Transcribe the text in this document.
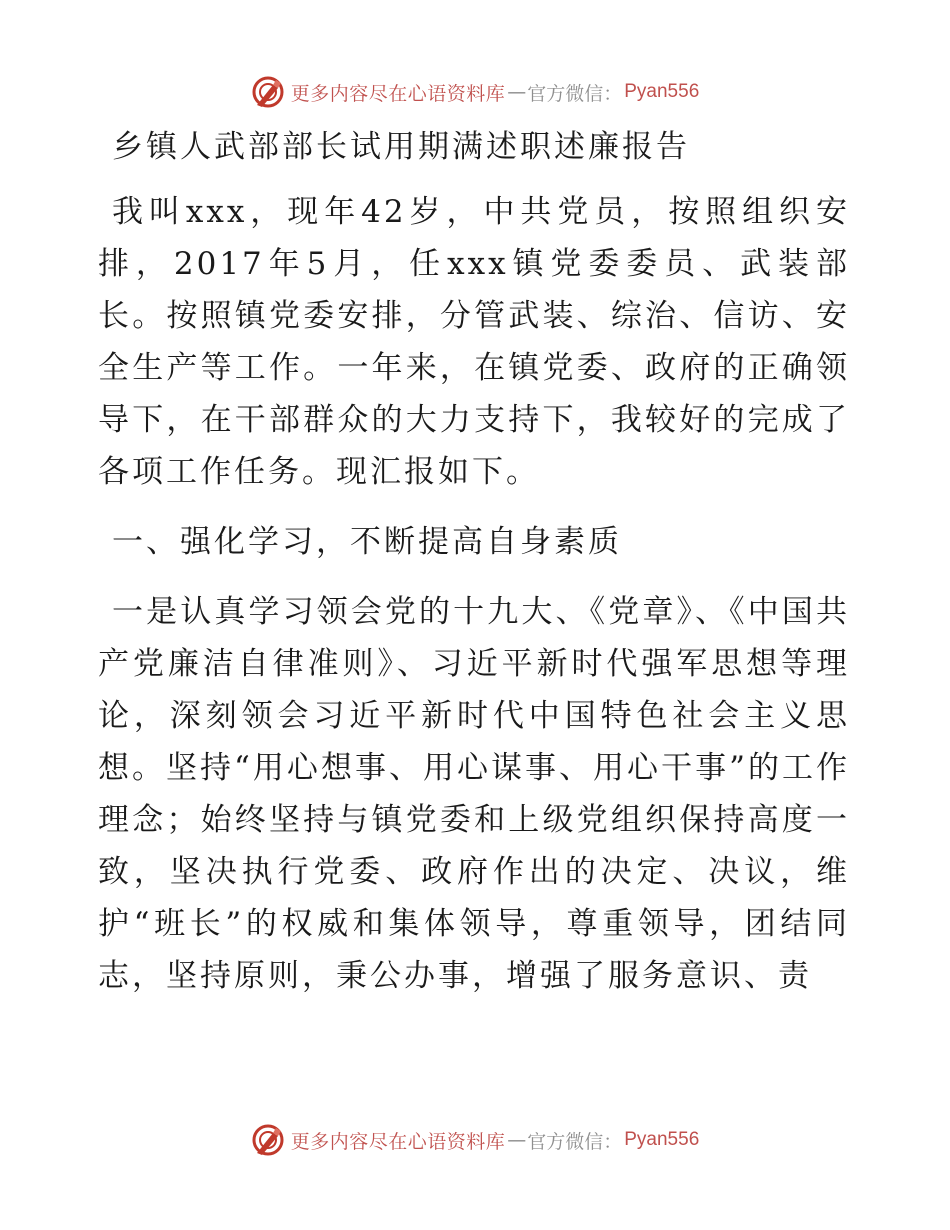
更多内容尽在心语资料库 — 官方微信： Pyan556
乡镇人武部部长试用期满述职述廉报告

我叫xxx，现年42岁，中共党员，按照组织安排，2017年5月，任xxx镇党委委员、武装部长。按照镇党委安排，分管武装、综治、信访、安全生产等工作。一年来，在镇党委、政府的正确领导下，在干部群众的大力支持下，我较好的完成了各项工作任务。现汇报如下。

一、强化学习，不断提高自身素质

一是认真学习领会党的十九大、《党章》、《中国共产党廉洁自律准则》、习近平新时代强军思想等理论，深刻领会习近平新时代中国特色社会主义思想。坚持“用心想事、用心谋事、用心干事”的工作理念；始终坚持与镇党委和上级党组织保持高度一致，坚决执行党委、政府作出的决定、决议，维护“班长”的权威和集体领导，尊重领导，团结同志，坚持原则，秉公办事，增强了服务意识、责

更多内容尽在心语资料库 — 官方微信： Pyan556
